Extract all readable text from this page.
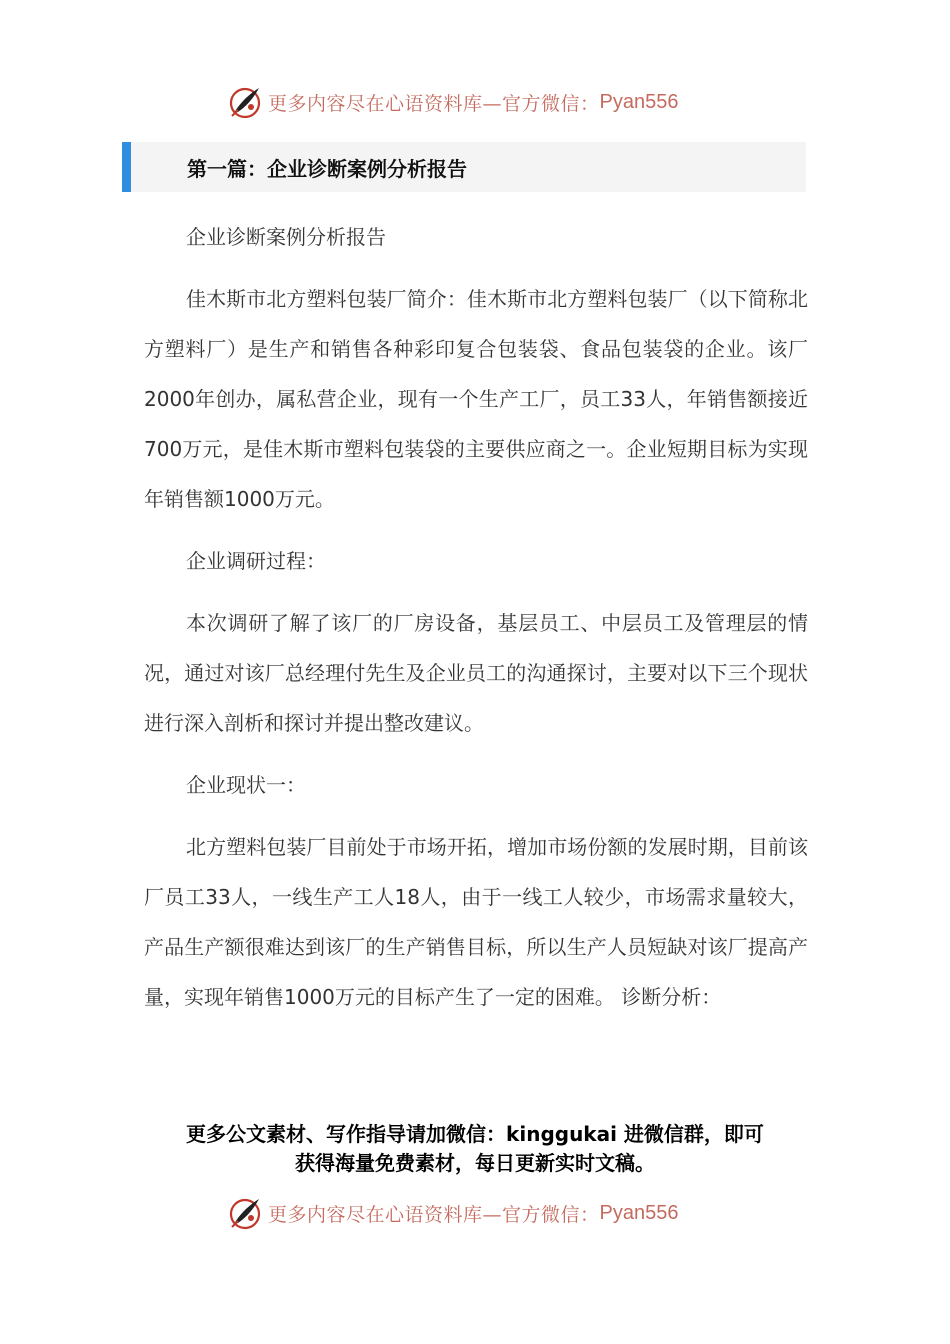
更多内容尽在心语资料库—官方微信： Pyan556
第一篇：企业诊断案例分析报告

企业诊断案例分析报告

佳木斯市北方塑料包装厂简介：佳木斯市北方塑料包装厂（以下简称北方塑料厂）是生产和销售各种彩印复合包装袋、食品包装袋的企业。该厂2000年创办，属私营企业，现有一个生产工厂，员工33人，年销售额接近700万元，是佳木斯市塑料包装袋的主要供应商之一。企业短期目标为实现年销售额1000万元。

企业调研过程：

本次调研了解了该厂的厂房设备，基层员工、中层员工及管理层的情况，通过对该厂总经理付先生及企业员工的沟通探讨，主要对以下三个现状进行深入剖析和探讨并提出整改建议。

企业现状一：

北方塑料包装厂目前处于市场开拓，增加市场份额的发展时期，目前该厂员工33人，一线生产工人18人，由于一线工人较少，市场需求量较大，产品生产额很难达到该厂的生产销售目标，所以生产人员短缺对该厂提高产量，实现年销售1000万元的目标产生了一定的困难。 诊断分析：

更多公文素材、写作指导请加微信：kinggukai 进微信群，即可
获得海量免费素材，每日更新实时文稿。
更多内容尽在心语资料库—官方微信： Pyan556
